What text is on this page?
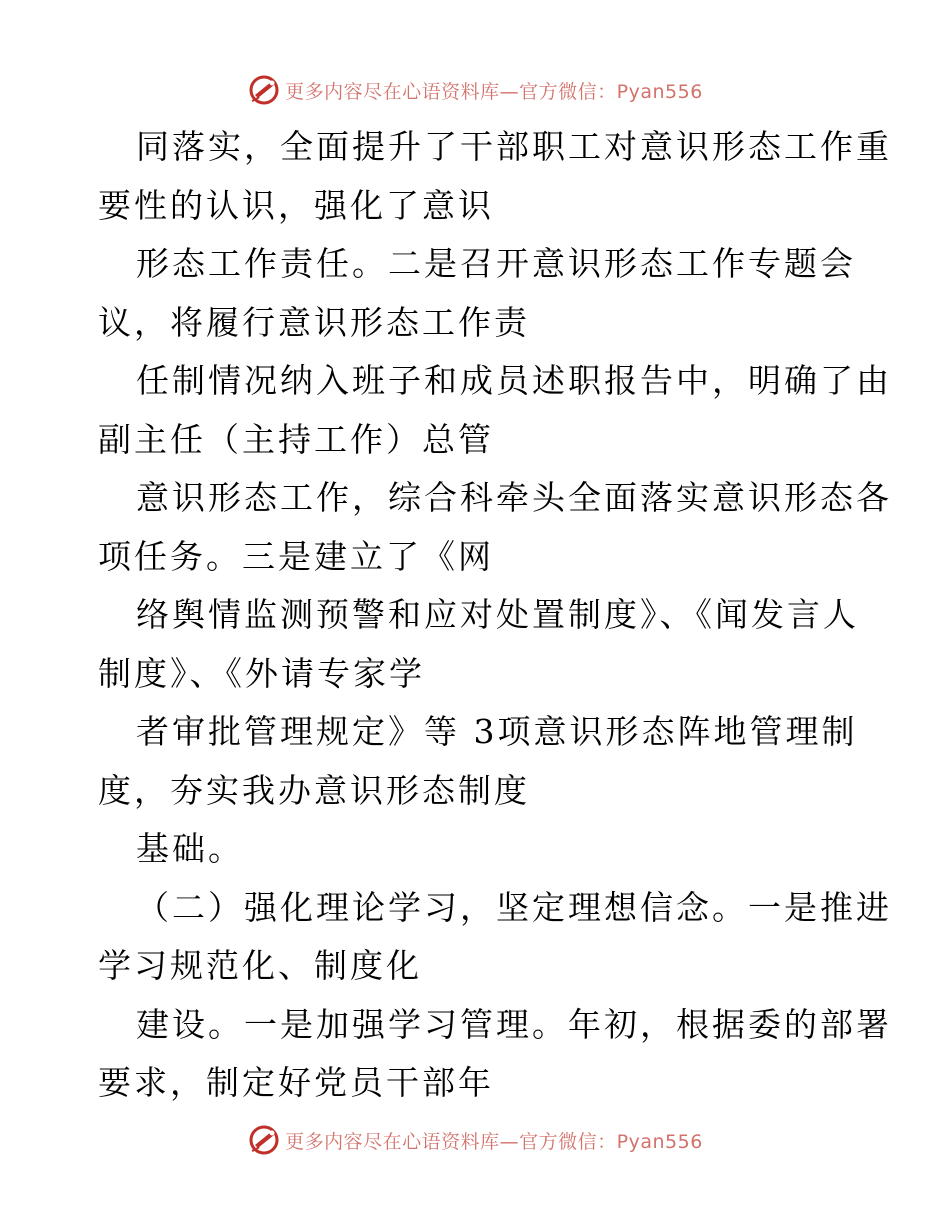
更多内容尽在心语资料库—官方微信：Pyan556

同落实，全面提升了干部职工对意识形态工作重
要性的认识，强化了意识

形态工作责任。二是召开意识形态工作专题会
议，将履行意识形态工作责

任制情况纳入班子和成员述职报告中，明确了由
副主任（主持工作）总管

意识形态工作，综合科牵头全面落实意识形态各
项任务。三是建立了《网

络舆情监测预警和应对处置制度》、《闻发言人
制度》、《外请专家学

者审批管理规定》等 3项意识形态阵地管理制
度，夯实我办意识形态制度

基础。

（二）强化理论学习，坚定理想信念。一是推进
学习规范化、制度化

建设。一是加强学习管理。年初，根据委的部署
要求，制定好党员干部年

更多内容尽在心语资料库—官方微信：Pyan556
